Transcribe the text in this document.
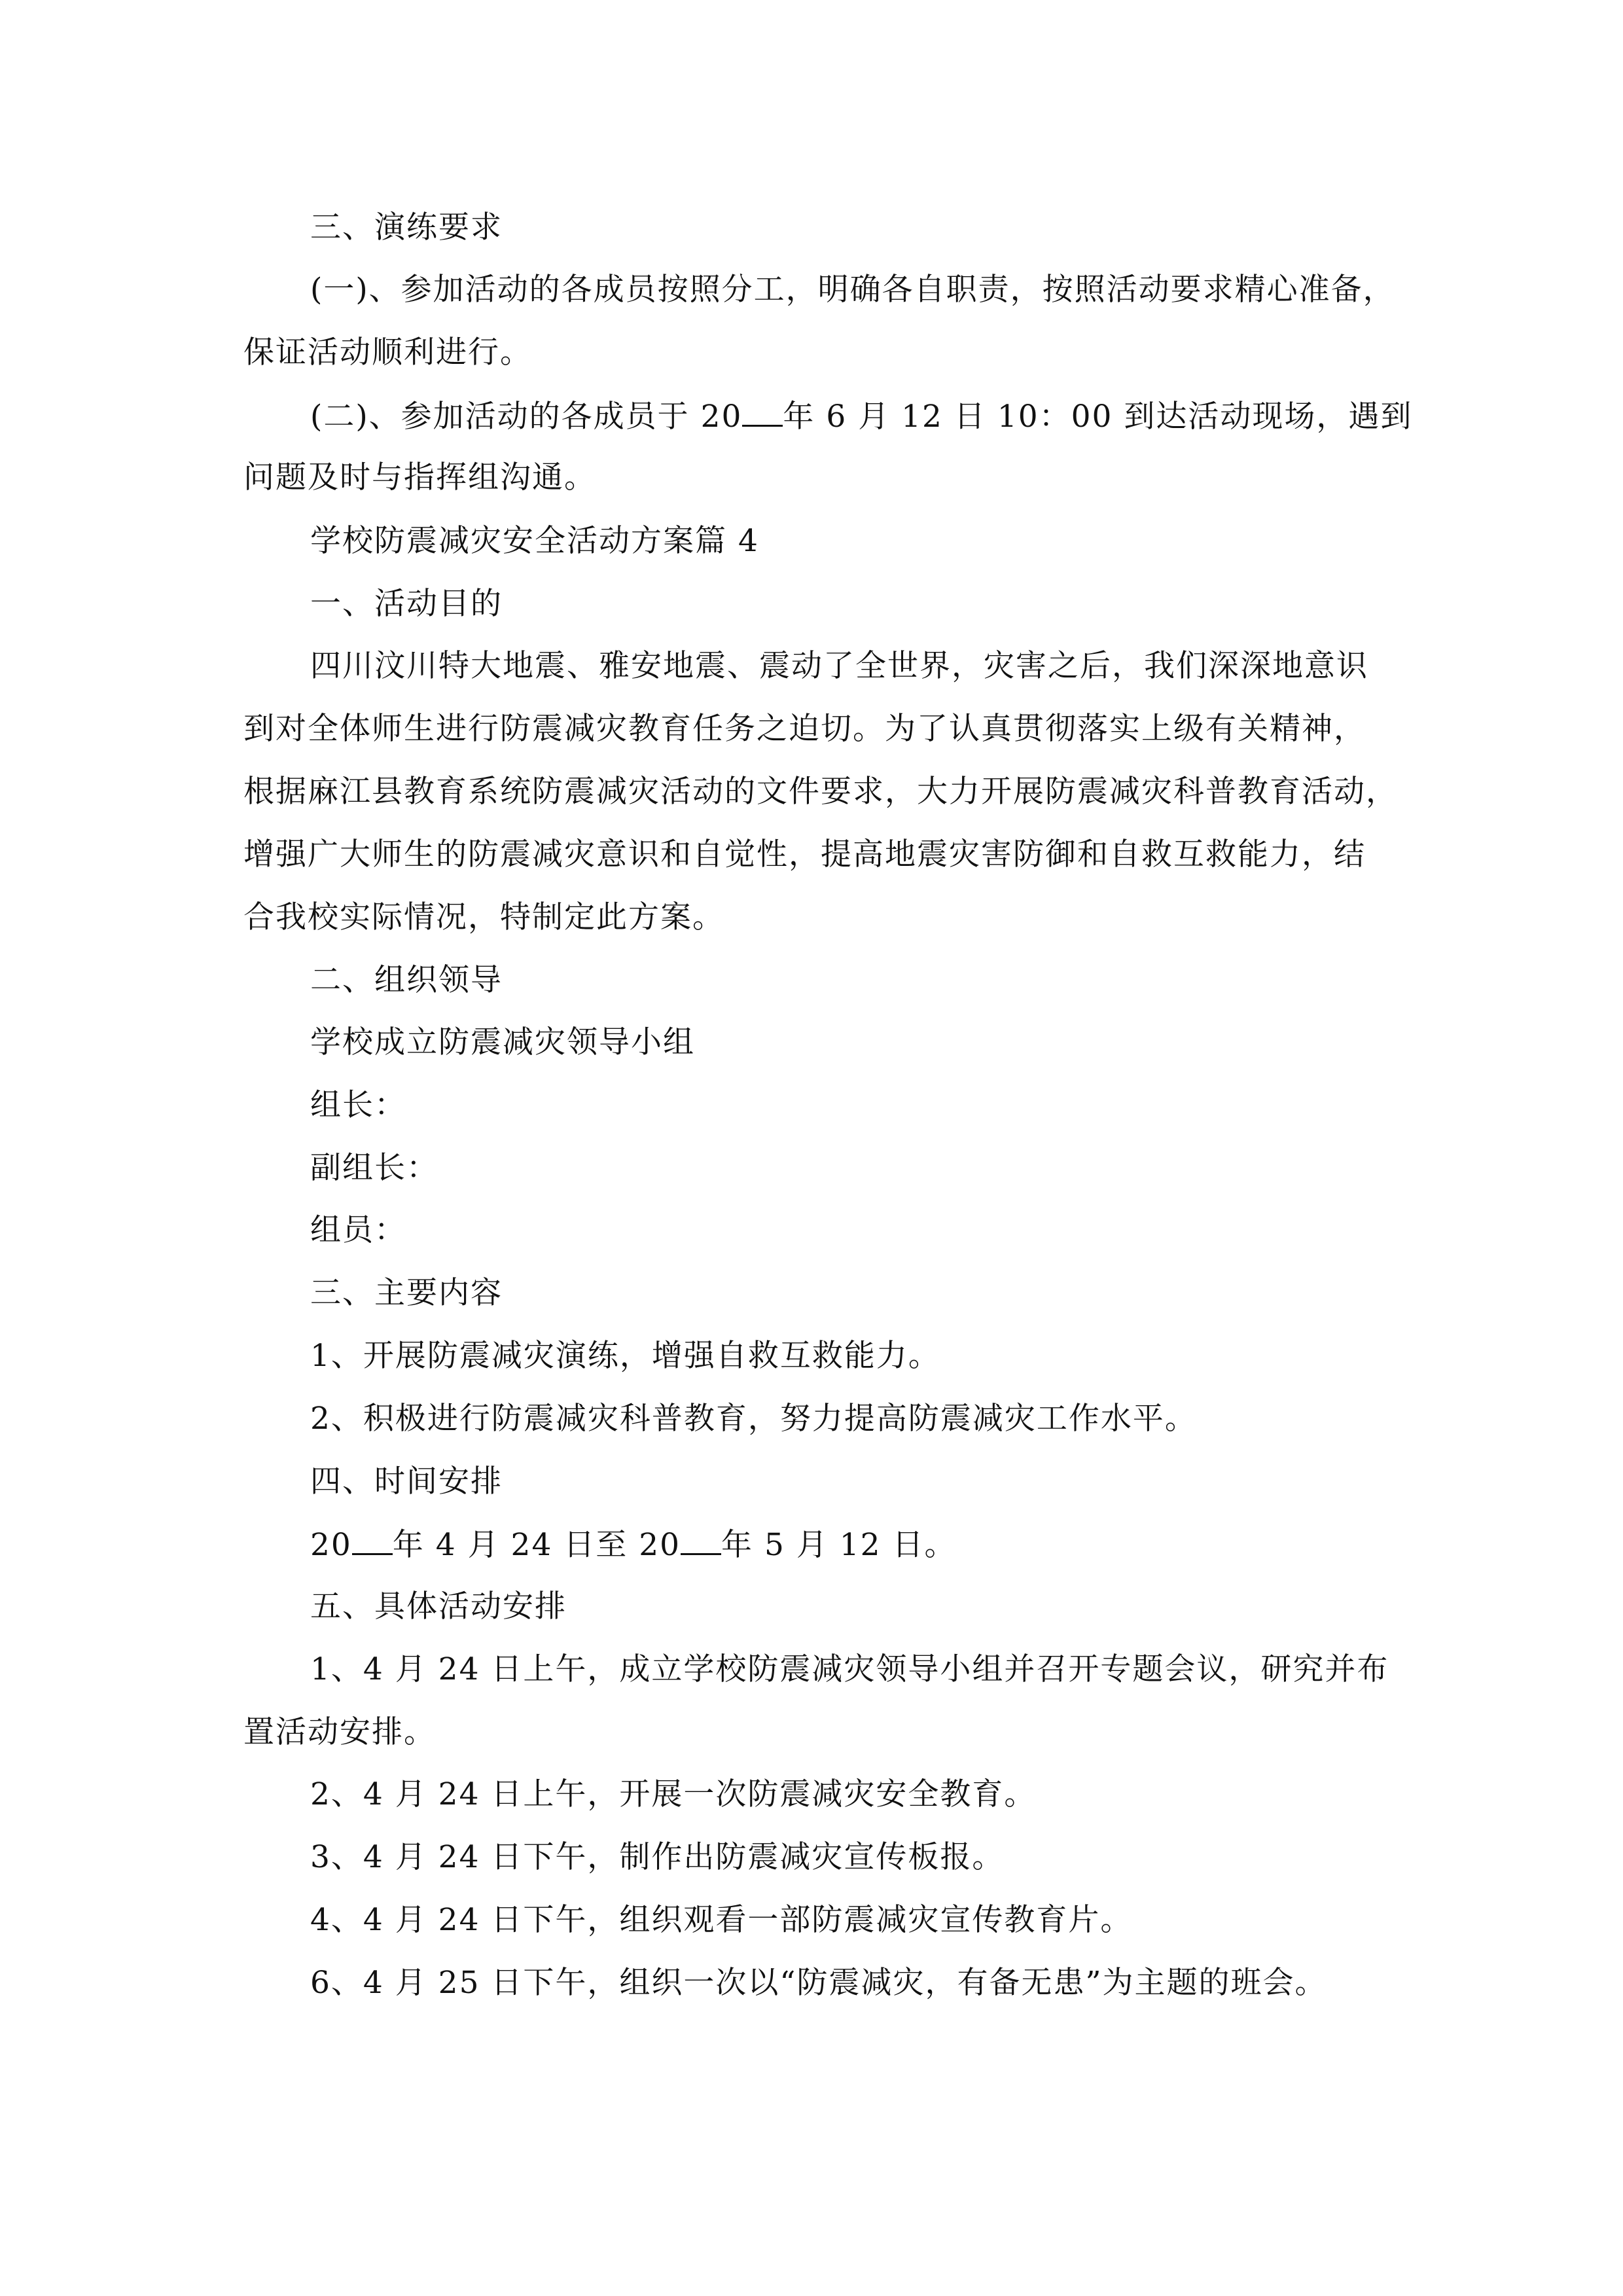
三、演练要求
(一)、参加活动的各成员按照分工，明确各自职责，按照活动要求精心准备，
保证活动顺利进行。
(二)、参加活动的各成员于 20 年 6 月 12 日 10：00 到达活动现场，遇到
问题及时与指挥组沟通。
学校防震减灾安全活动方案篇 4
一、活动目的
四川汶川特大地震、雅安地震、震动了全世界，灾害之后，我们深深地意识
到对全体师生进行防震减灾教育任务之迫切。为了认真贯彻落实上级有关精神，
根据麻江县教育系统防震减灾活动的文件要求，大力开展防震减灾科普教育活动，
增强广大师生的防震减灾意识和自觉性，提高地震灾害防御和自救互救能力，结
合我校实际情况，特制定此方案。
二、组织领导
学校成立防震减灾领导小组
组长：
副组长：
组员：
三、主要内容
1、开展防震减灾演练，增强自救互救能力。
2、积极进行防震减灾科普教育，努力提高防震减灾工作水平。
四、时间安排
20 年 4 月 24 日至 20 年 5 月 12 日。
五、具体活动安排
1、4 月 24 日上午，成立学校防震减灾领导小组并召开专题会议，研究并布
置活动安排。
2、4 月 24 日上午，开展一次防震减灾安全教育。
3、4 月 24 日下午，制作出防震减灾宣传板报。
4、4 月 24 日下午，组织观看一部防震减灾宣传教育片。
6、4 月 25 日下午，组织一次以“防震减灾，有备无患”为主题的班会。
